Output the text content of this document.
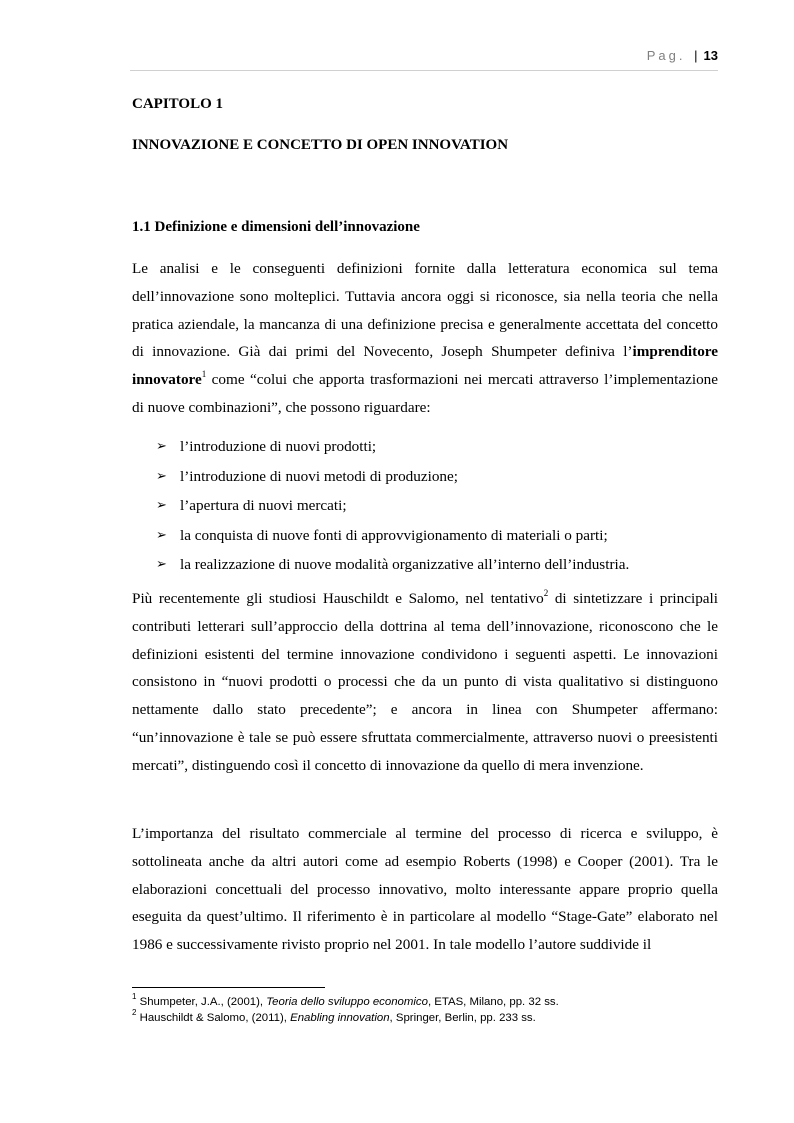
Pag. | 13
CAPITOLO 1
INNOVAZIONE E CONCETTO DI OPEN INNOVATION
1.1 Definizione e dimensioni dell’innovazione

Le analisi e le conseguenti definizioni fornite dalla letteratura economica sul tema dell’innovazione sono molteplici. Tuttavia ancora oggi si riconosce, sia nella teoria che nella pratica aziendale, la mancanza di una definizione precisa e generalmente accettata del concetto di innovazione. Già dai primi del Novecento, Joseph Shumpeter definiva l’imprenditore innovatore$^1$ come “colui che apporta trasformazioni nei mercati attraverso l’implementazione di nuove combinazioni”, che possono riguardare:

➢ l’introduzione di nuovi prodotti;
➢ l’introduzione di nuovi metodi di produzione;
➢ l’apertura di nuovi mercati;
➢ la conquista di nuove fonti di approvvigionamento di materiali o parti;
➢ la realizzazione di nuove modalità organizzative all’interno dell’industria.

Più recentemente gli studiosi Hauschildt e Salomo, nel tentativo$^2$ di sintetizzare i principali contributi letterari sull’approccio della dottrina al tema dell’innovazione, riconoscono che le definizioni esistenti del termine innovazione condividono i seguenti aspetti. Le innovazioni consistono in “nuovi prodotti o processi che da un punto di vista qualitativo si distinguono nettamente dallo stato precedente”; e ancora in linea con Shumpeter affermano: “un’innovazione è tale se può essere sfruttata commercialmente, attraverso nuovi o preesistenti mercati”, distinguendo così il concetto di innovazione da quello di mera invenzione.

L’importanza del risultato commerciale al termine del processo di ricerca e sviluppo, è sottolineata anche da altri autori come ad esempio Roberts (1998) e Cooper (2001). Tra le elaborazioni concettuali del processo innovativo, molto interessante appare proprio quella eseguita da quest’ultimo. Il riferimento è in particolare al modello “Stage-Gate” elaborato nel 1986 e successivamente rivisto proprio nel 2001. In tale modello l’autore suddivide il

$^1$ Shumpeter, J.A., (2001), Teoria dello sviluppo economico, ETAS, Milano, pp. 32 ss.
$^2$ Hauschildt & Salomo, (2011), Enabling innovation, Springer, Berlin, pp. 233 ss.
